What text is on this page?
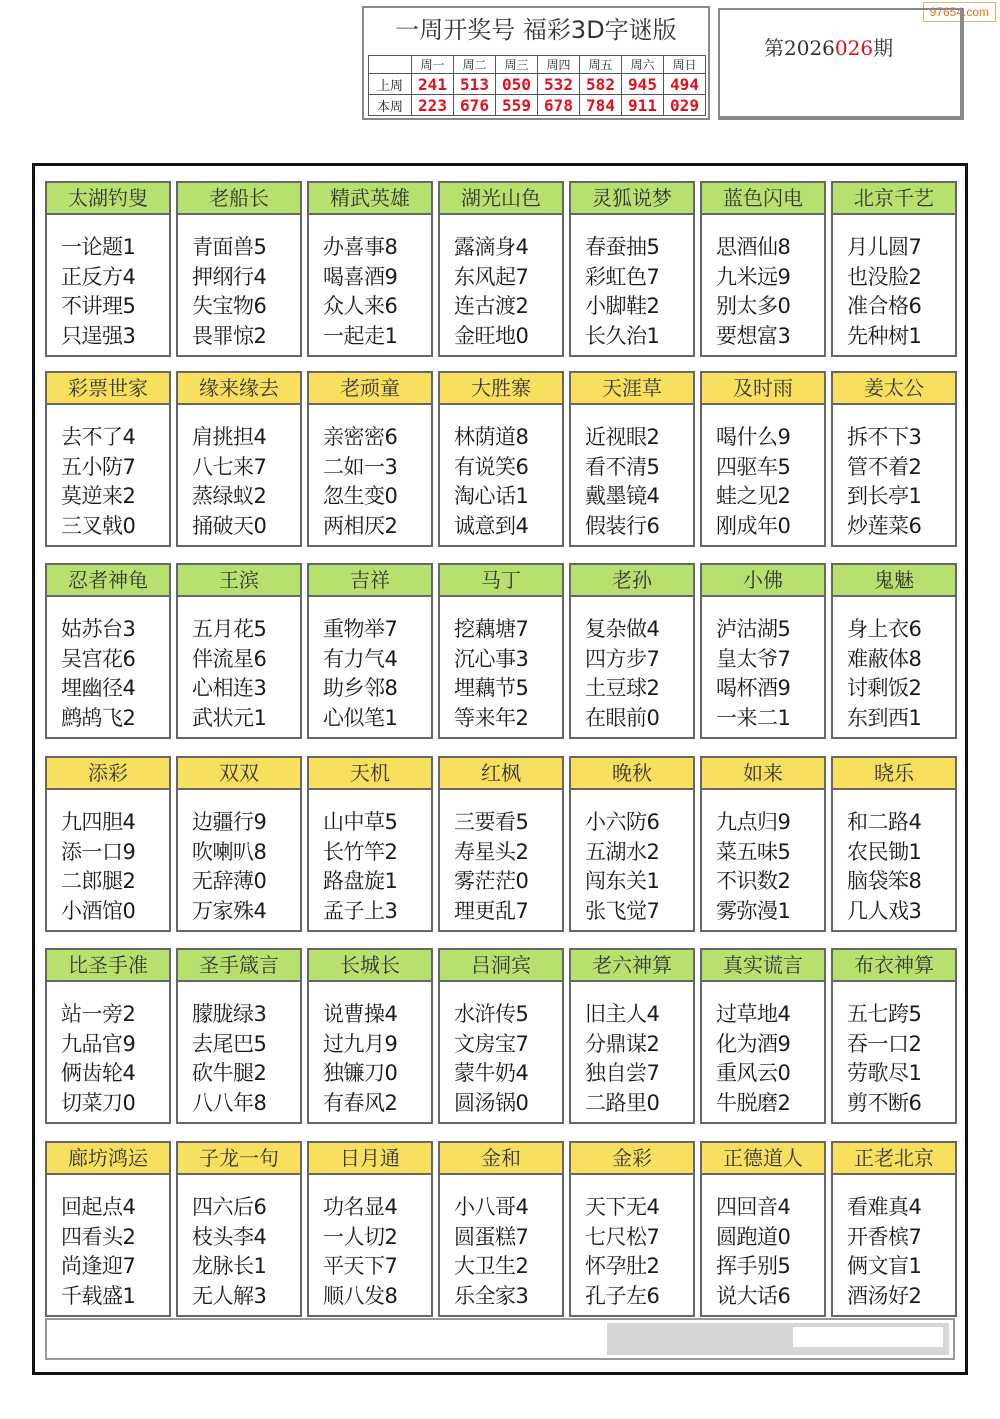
97654.com
一周开奖号 福彩3D字谜版
	周一	周二	周三	周四	周五	周六	周日
上周	241	513	050	532	582	945	494
本周	223	676	559	678	784	911	029
第2026026期
太湖钓叟
一论题1
正反方4
不讲理5
只逞强3
老船长
青面兽5
押纲行4
失宝物6
畏罪惊2
精武英雄
办喜事8
喝喜酒9
众人来6
一起走1
湖光山色
露滴身4
东风起7
连古渡2
金旺地0
灵狐说梦
春蚕抽5
彩虹色7
小脚鞋2
长久治1
蓝色闪电
思酒仙8
九米远9
别太多0
要想富3
北京千艺
月儿圆7
也没脸2
准合格6
先种树1
彩票世家
去不了4
五小防7
莫逆来2
三叉戟0
缘来缘去
肩挑担4
八七来7
蒸绿蚁2
捅破天0
老顽童
亲密密6
二如一3
忽生变0
两相厌2
大胜寨
林荫道8
有说笑6
淘心话1
诚意到4
天涯草
近视眼2
看不清5
戴墨镜4
假装行6
及时雨
喝什么9
四驱车5
蛙之见2
刚成年0
姜太公
拆不下3
管不着2
到长亭1
炒莲菜6
忍者神龟
姑苏台3
吴宫花6
埋幽径4
鹧鸪飞2
王滨
五月花5
伴流星6
心相连3
武状元1
吉祥
重物举7
有力气4
助乡邻8
心似笔1
马丁
挖藕塘7
沉心事3
埋藕节5
等来年2
老孙
复杂做4
四方步7
土豆球2
在眼前0
小佛
泸沽湖5
皇太爷7
喝杯酒9
一来二1
鬼魅
身上衣6
难蔽体8
讨剩饭2
东到西1
添彩
九四胆4
添一口9
二郎腿2
小酒馆0
双双
边疆行9
吹喇叭8
无辞薄0
万家殊4
天机
山中草5
长竹竿2
路盘旋1
孟子上3
红枫
三要看5
寿星头2
雾茫茫0
理更乱7
晚秋
小六防6
五湖水2
闯东关1
张飞觉7
如来
九点归9
菜五味5
不识数2
雾弥漫1
晓乐
和二路4
农民锄1
脑袋笨8
几人戏3
比圣手准
站一旁2
九品官9
俩齿轮4
切菜刀0
圣手箴言
朦胧绿3
去尾巴5
砍牛腿2
八八年8
长城长
说曹操4
过九月9
独镰刀0
有春风2
吕洞宾
水浒传5
文房宝7
蒙牛奶4
圆汤锅0
老六神算
旧主人4
分鼎谋2
独自尝7
二路里0
真实谎言
过草地4
化为酒9
重风云0
牛脱磨2
布衣神算
五七跨5
吞一口2
劳歌尽1
剪不断6
廊坊鸿运
回起点4
四看头2
尚逢迎7
千载盛1
子龙一句
四六后6
枝头李4
龙脉长1
无人解3
日月通
功名显4
一人切2
平天下7
顺八发8
金和
小八哥4
圆蛋糕7
大卫生2
乐全家3
金彩
天下无4
七尺松7
怀孕肚2
孔子左6
正德道人
四回音4
圆跑道0
挥手别5
说大话6
正老北京
看难真4
开香槟7
俩文盲1
酒汤好2
